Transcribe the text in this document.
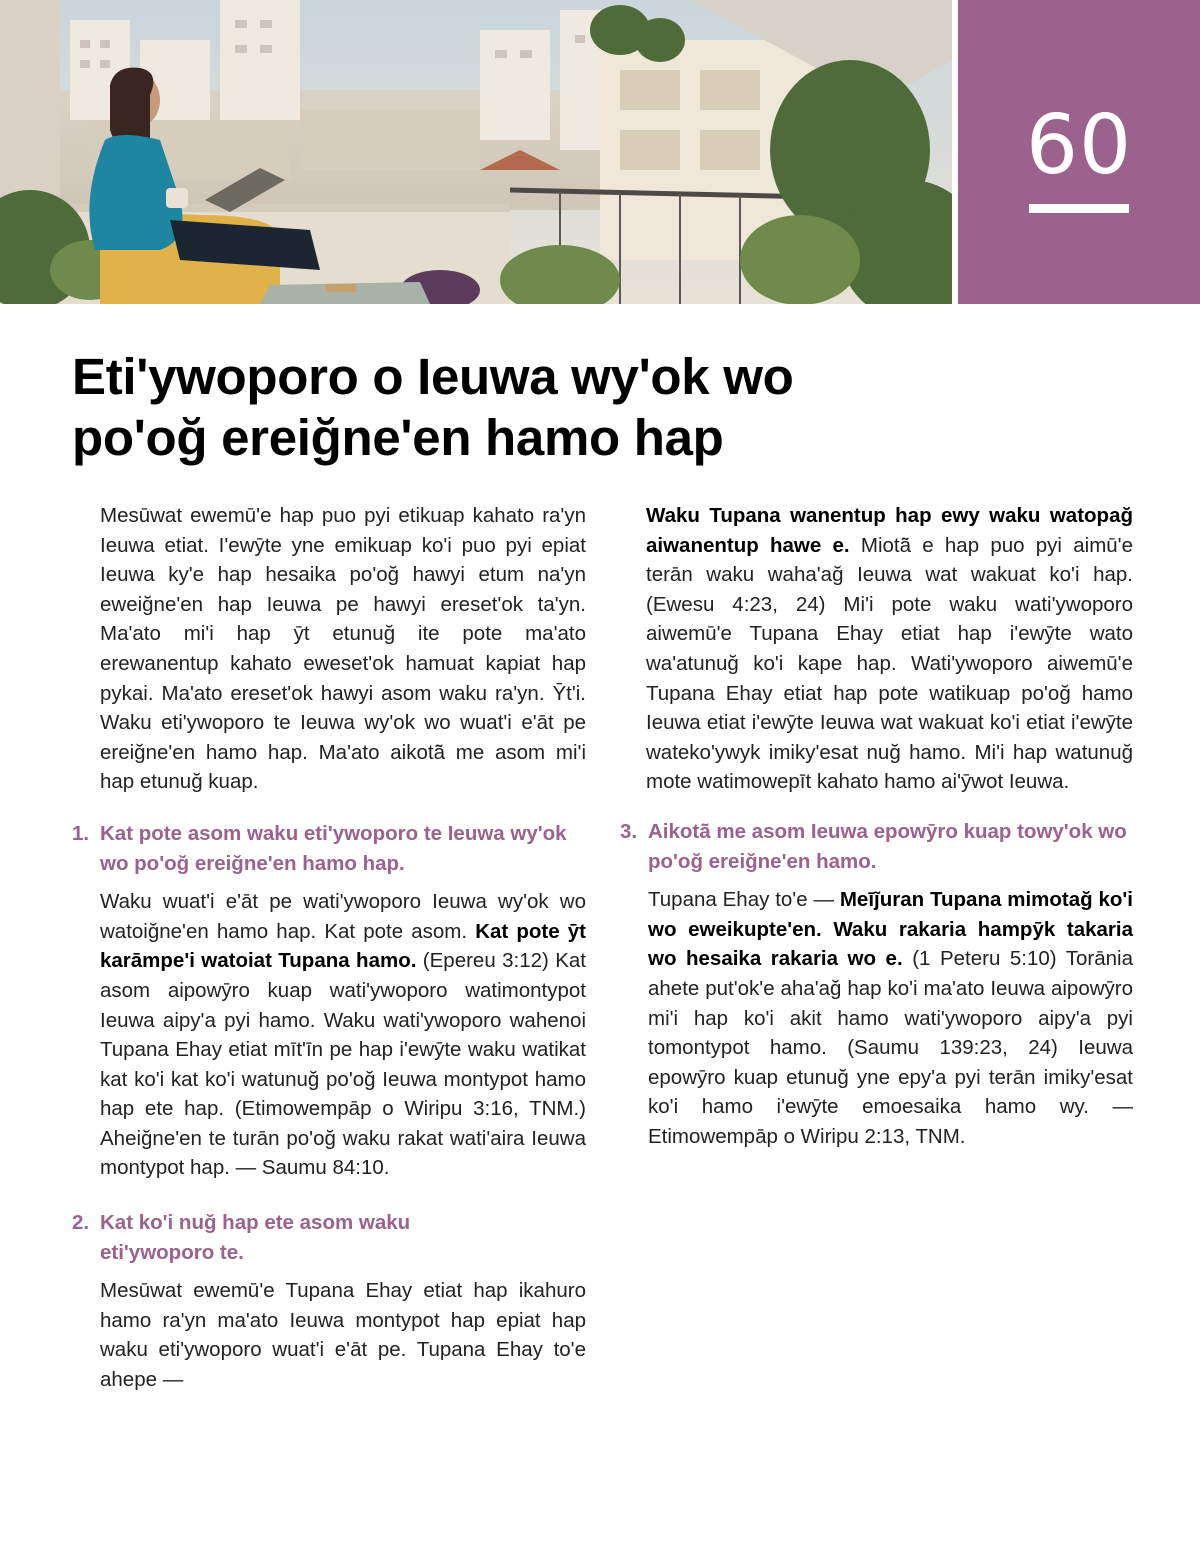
60
Eti'ywoporo o Ieuwa wy'ok wo
po'oğ ereiğne'en hamo hap

Mesūwat ewemū'e hap puo pyi etikuap kahato ra'yn Ieuwa etiat. I'ewȳte yne emikuap ko'i puo pyi epiat Ieuwa ky'e hap hesaika po'oğ hawyi etum na'yn eweiğne'en hap Ieuwa pe hawyi ereset'ok ta'yn. Ma'ato mi'i hap ȳt etunuğ ite pote ma'ato erewanentup kahato eweset'ok hamuat kapiat hap pykai. Ma'ato ereset'ok hawyi asom waku ra'yn. Ȳt'i. Waku eti'ywoporo te Ieuwa wy'ok wo wuat'i e'āt pe ereiğne'en hamo hap. Ma'ato aikotā̃ me asom mi'i hap etunuğ kuap.

1. Kat pote asom waku eti'ywoporo te Ieuwa wy'ok wo po'oğ ereiğne'en hamo hap.

Waku wuat'i e'āt pe wati'ywoporo Ieuwa wy'ok wo watoiğne'en hamo hap. Kat pote asom. Kat pote ȳt karāmpe'i watoiat Tupana hamo. (Epereu 3:12) Kat asom aipowȳro kuap wati'ywoporo watimontypot Ieuwa aipy'a pyi hamo. Waku wati'ywoporo wahenoi Tupana Ehay etiat mīt'īn pe hap i'ewȳte waku watikat kat ko'i kat ko'i watunuğ po'oğ Ieuwa montypot hamo hap ete hap. (Etimowempāp o Wiripu 3:16, TNM.) Aheiğne'en te turān po'oğ waku rakat wati'aira Ieuwa montypot hap. — Saumu 84:10.

2. Kat ko'i nuğ hap ete asom waku eti'ywoporo te.

Mesūwat ewemū'e Tupana Ehay etiat hap ikahuro hamo ra'yn ma'ato Ieuwa montypot hap epiat hap waku eti'ywoporo wuat'i e'āt pe. Tupana Ehay to'e ahepe —

Waku Tupana wanentup hap ewy waku watopağ aiwanentup hawe e. Miotā̃ e hap puo pyi aimū'e terān waku waha'ağ Ieuwa wat wakuat ko'i hap. (Ewesu 4:23, 24) Mi'i pote waku wati'ywoporo aiwemū'e Tupana Ehay etiat hap i'ewȳte wato wa'atunuğ ko'i kape hap. Wati'ywoporo aiwemū'e Tupana Ehay etiat hap pote watikuap po'oğ hamo Ieuwa etiat i'ewȳte Ieuwa wat wakuat ko'i etiat i'ewȳte wateko'ywyk imiky'esat nuğ hamo. Mi'i hap watunuğ mote watimowepīt kahato hamo ai'ȳwot Ieuwa.

3. Aikotā̃ me asom Ieuwa epowȳro kuap towy'ok wo po'oğ ereiğne'en hamo.

Tupana Ehay to'e — Meīȷ̃uran Tupana mimotağ ko'i wo eweikupte'en. Waku rakaria hampȳk takaria wo hesaika rakaria wo e. (1 Peteru 5:10) Torānia ahete put'ok'e aha'ağ hap ko'i ma'ato Ieuwa aipowȳro mi'i hap ko'i akit hamo wati'ywoporo aipy'a pyi tomontypot hamo. (Saumu 139:23, 24) Ieuwa epowȳro kuap etunuğ yne epy'a pyi terān imiky'esat ko'i hamo i'ewȳte emoesaika hamo wy. — Etimowempāp o Wiripu 2:13, TNM.
